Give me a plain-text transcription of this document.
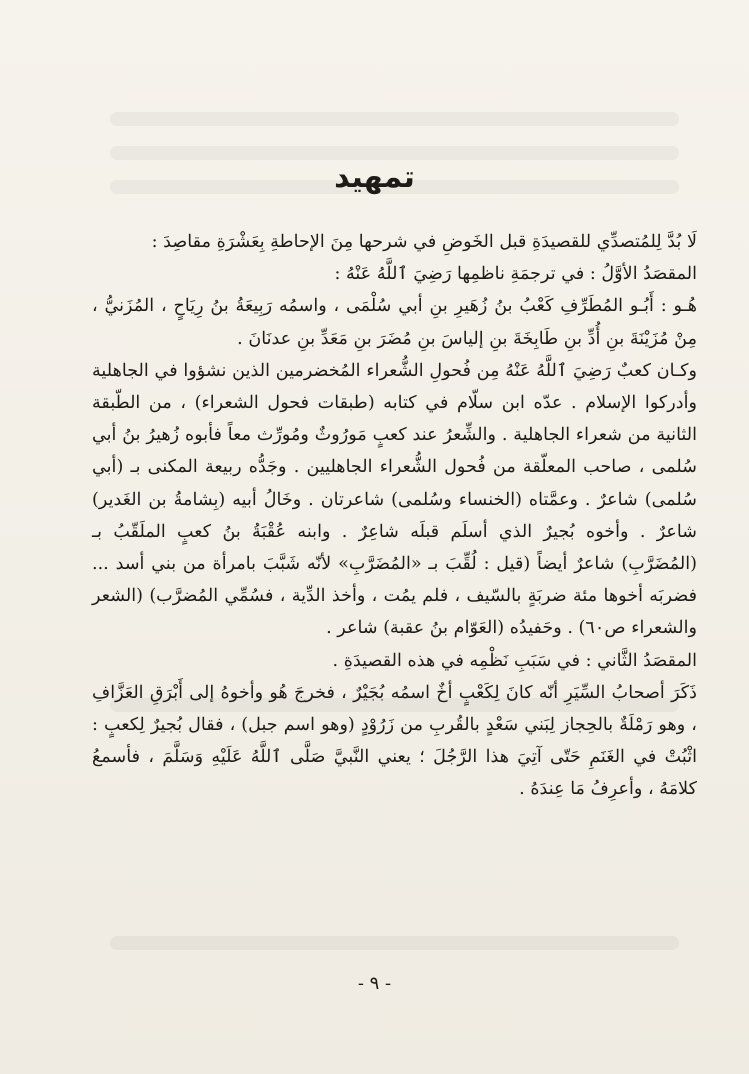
تمهيد

لَا بُدَّ لِلمُتصدِّي للقصيدَةِ قبل الخَوضِ في شرحها مِنَ الإحاطةِ بِعَشْرَةِ مقاصِدَ :

المقصَدُ الأوَّلُ : في ترجمَةِ ناظمِها رَضِيَ ٱللَّهُ عَنْهُ :

هُـو : أَبُـو المُطَرِّفِ كَعْبُ بنُ زُهَيرِ بنِ أبي سُلْمَى ، واسمُه رَبِيعَةُ بنُ رِيَاحٍ ، المُزَنيُّ ، مِنْ مُزَيْنَةَ بنِ أُدِّ بنِ طَابِخَةَ بنِ إلياسَ بنِ مُضَرَ بنِ مَعَدِّ بنِ عدنَانَ .

وكـان كعبٌ رَضِيَ ٱللَّهُ عَنْهُ مِن فُحولِ الشُّعراء المُخضرمين الذين نشؤوا في الجاهلية وأدركوا الإسلام . عدّه ابن سلّام في كتابه (طبقات فحول الشعراء) ، من الطّبقة الثانية من شعراء الجاهلية . والشِّعرُ عند كعبٍ مَورُوثٌ ومُورِّث معاً فأبوه زُهيرُ بنُ أبي سُلمى ، صاحب المعلّقة من فُحول الشُّعراء الجاهليين . وجَدُّه ربيعة المكنى بـ (أبي سُلمى) شاعرٌ . وعمَّتاه (الخنساء وسُلمى) شاعرتان . وخَالُ أبيه (بِشامةُ بن الغَدير) شاعرٌ . وأخوه بُجيرٌ الذي أسلَم قبلَه شاعِرٌ . وابنه عُقْبَةُ بنُ كعبٍ الملَقّبُ بـ (المُضَرَّبِ) شاعرٌ أيضاً (قيل : لُقِّبَ بـ «المُضَرَّبِ» لأنّه شَبَّبَ بامرأة من بني أسد ... فضربَه أخوها مئة ضربَةٍ بالسّيف ، فلم يمُت ، وأخذ الدِّية ، فسُمِّي المُضرَّب) (الشعر والشعراء ص٦٠) . وحَفيدُه (العَوّام بنُ عقبة) شاعر .

المقصَدُ الثَّاني : في سَبَبِ نَظْمِه في هذه القصيدَةِ .

ذَكَرَ أصحابُ السِّيَرِ أنّه كانَ لِكَعْبٍ أخٌ اسمُه بُجَيْرٌ ، فخرجَ هُو وأخوهُ إلى أَبْرَقِ العَزَّافِ ، وهو رَمْلَةٌ بالحِجاز لِبَني سَعْدٍ بالقُربِ من زَرُوْدٍ (وهو اسم جبل) ، فقال بُجيرٌ لِكعبٍ : اثْبُتْ في الغَنَمِ حَتّى آتِيَ هذا الرَّجُلَ ؛ يعني النَّبيَّ صَلَّى ٱللَّهُ عَلَيْهِ وَسَلَّمَ ، فأسمعُ كلامَهُ ، وأعرِفُ مَا عِندَهُ .

- ٩ -
